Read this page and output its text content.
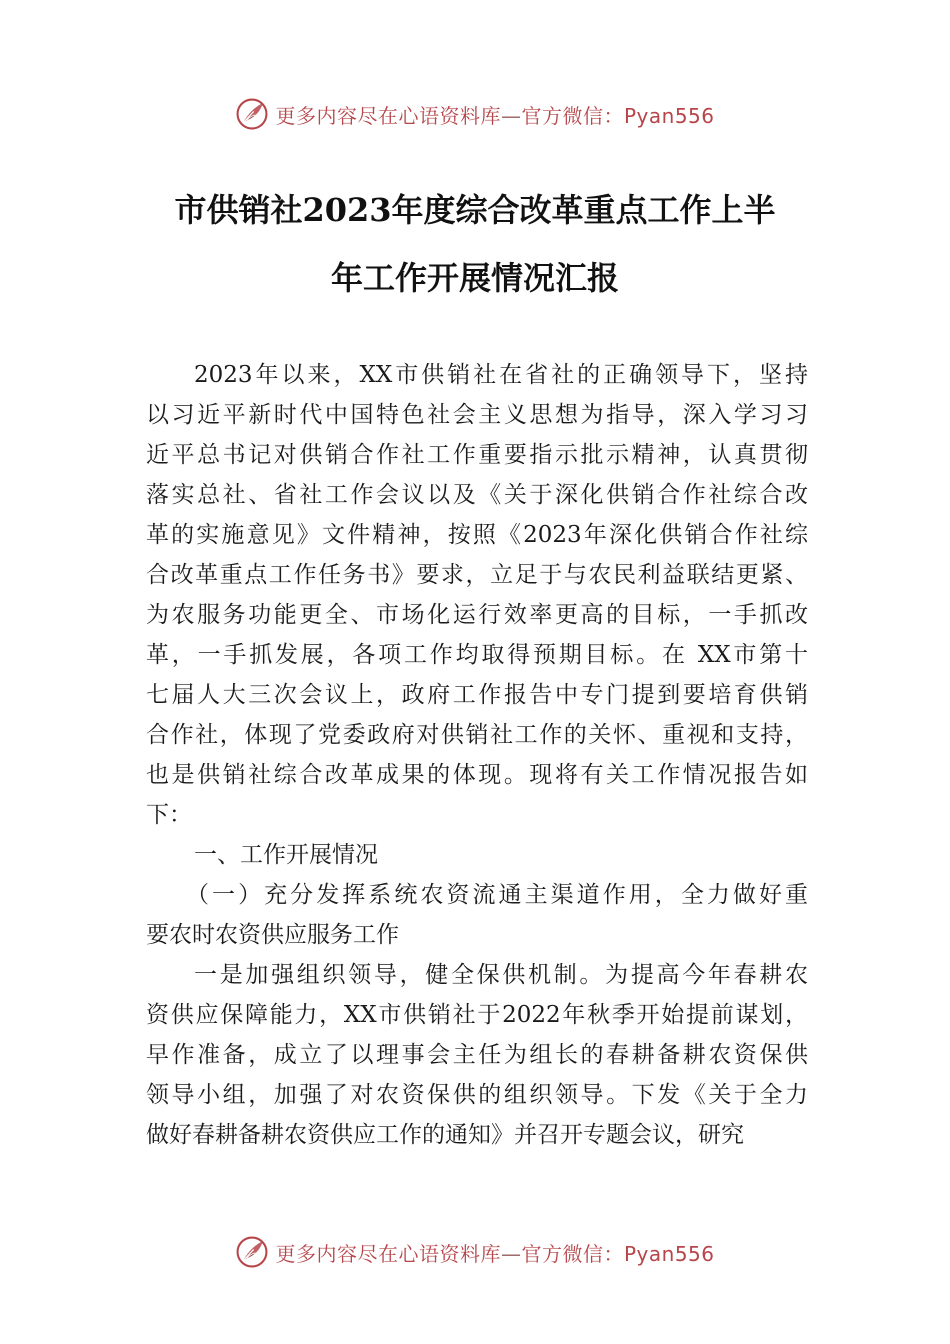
更多内容尽在心语资料库—官方微信：Pyan556
市供销社2023年度综合改革重点工作上半
年工作开展情况汇报
2023年以来，XX市供销社在省社的正确领导下，坚持
以习近平新时代中国特色社会主义思想为指导，深入学习习
近平总书记对供销合作社工作重要指示批示精神，认真贯彻
落实总社、省社工作会议以及《关于深化供销合作社综合改
革的实施意见》文件精神，按照《2023年深化供销合作社综
合改革重点工作任务书》要求，立足于与农民利益联结更紧、
为农服务功能更全、市场化运行效率更高的目标，一手抓改
革，一手抓发展，各项工作均取得预期目标。在 XX市第十
七届人大三次会议上，政府工作报告中专门提到要培育供销
合作社，体现了党委政府对供销社工作的关怀、重视和支持，
也是供销社综合改革成果的体现。现将有关工作情况报告如
下：
一、工作开展情况
（一）充分发挥系统农资流通主渠道作用，全力做好重
要农时农资供应服务工作
一是加强组织领导，健全保供机制。为提高今年春耕农
资供应保障能力，XX市供销社于2022年秋季开始提前谋划，
早作准备，成立了以理事会主任为组长的春耕备耕农资保供
领导小组，加强了对农资保供的组织领导。下发《关于全力
做好春耕备耕农资供应工作的通知》并召开专题会议，研究
更多内容尽在心语资料库—官方微信：Pyan556
